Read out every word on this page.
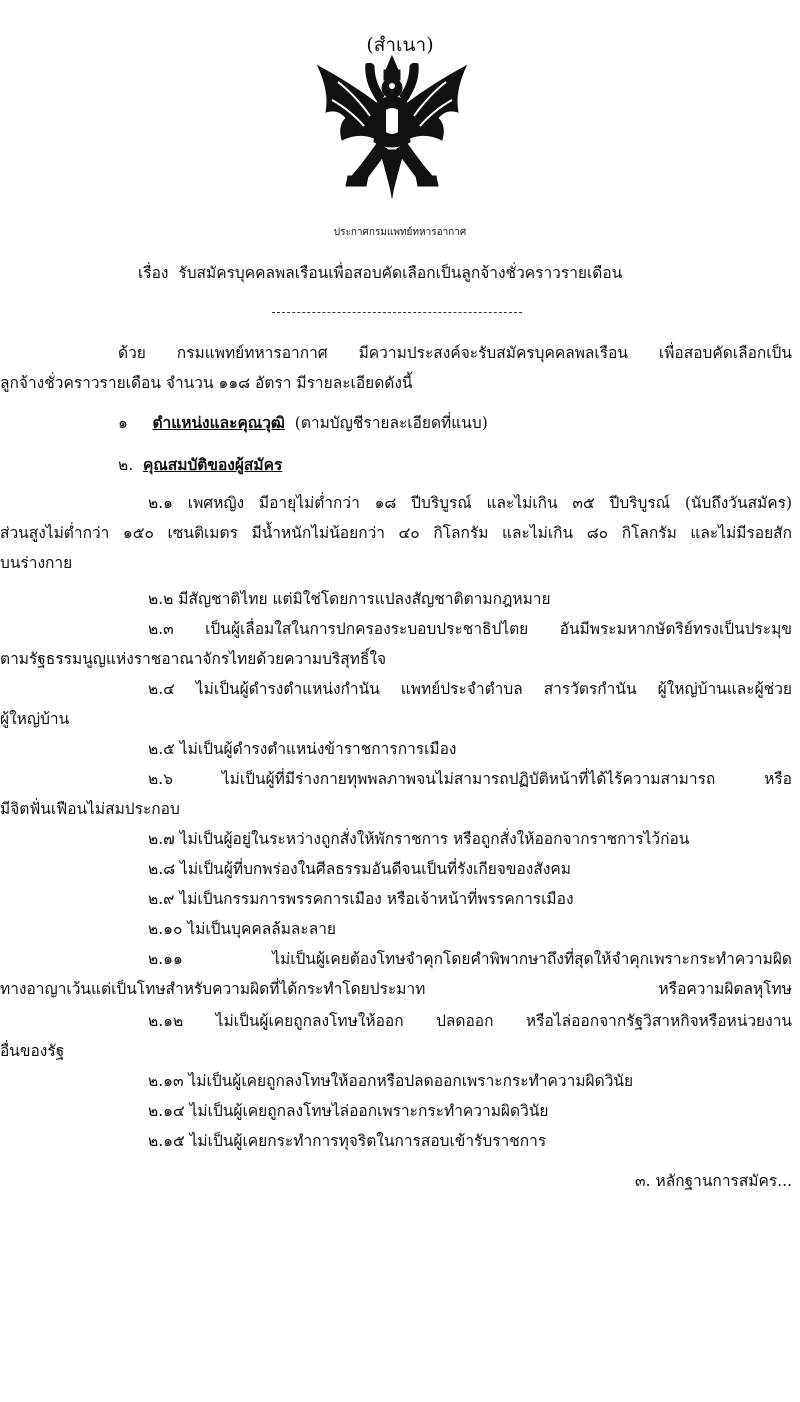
(สำเนา)
ประกาศกรมแพทย์ทหารอากาศ
เรื่อง รับสมัครบุคคลพลเรือนเพื่อสอบคัดเลือกเป็นลูกจ้างชั่วคราวรายเดือน
ด้วย กรมแพทย์ทหารอากาศ มีความประสงค์จะรับสมัครบุคคลพลเรือน เพื่อสอบคัดเลือกเป็น
ลูกจ้างชั่วคราวรายเดือน จำนวน ๑๑๘ อัตรา มีรายละเอียดดังนี้
๑ ตำแหน่งและคุณวุฒิ (ตามบัญชีรายละเอียดที่แนบ)
๒. คุณสมบัติของผู้สมัคร
๒.๑ เพศหญิง มีอายุไม่ต่ำกว่า ๑๘ ปีบริบูรณ์ และไม่เกิน ๓๕ ปีบริบูรณ์ (นับถึงวันสมัคร)
ส่วนสูงไม่ต่ำกว่า ๑๕๐ เซนติเมตร มีน้ำหนักไม่น้อยกว่า ๔๐ กิโลกรัม และไม่เกิน ๘๐ กิโลกรัม และไม่มีรอยสัก
บนร่างกาย
๒.๒ มีสัญชาติไทย แต่มิใช่โดยการแปลงสัญชาติตามกฎหมาย
๒.๓ เป็นผู้เลื่อมใสในการปกครองระบอบประชาธิปไตย อันมีพระมหากษัตริย์ทรงเป็นประมุข
ตามรัฐธรรมนูญแห่งราชอาณาจักรไทยด้วยความบริสุทธิ์ใจ
๒.๔ ไม่เป็นผู้ดำรงตำแหน่งกำนัน แพทย์ประจำตำบล สารวัตรกำนัน ผู้ใหญ่บ้านและผู้ช่วย
ผู้ใหญ่บ้าน
๒.๕ ไม่เป็นผู้ดำรงตำแหน่งข้าราชการการเมือง
๒.๖ ไม่เป็นผู้ที่มีร่างกายทุพพลภาพจนไม่สามารถปฏิบัติหน้าที่ได้ไร้ความสามารถ หรือ
มีจิตฟั่นเฟือนไม่สมประกอบ
๒.๗ ไม่เป็นผู้อยู่ในระหว่างถูกสั่งให้พักราชการ หรือถูกสั่งให้ออกจากราชการไว้ก่อน
๒.๘ ไม่เป็นผู้ที่บกพร่องในศีลธรรมอันดีจนเป็นที่รังเกียจของสังคม
๒.๙ ไม่เป็นกรรมการพรรคการเมือง หรือเจ้าหน้าที่พรรคการเมือง
๒.๑๐ ไม่เป็นบุคคลล้มละลาย
๒.๑๑ ไม่เป็นผู้เคยต้องโทษจำคุกโดยคำพิพากษาถึงที่สุดให้จำคุกเพราะกระทำความผิด
ทางอาญาเว้นแต่เป็นโทษสำหรับความผิดที่ได้กระทำโดยประมาท หรือความผิดลหุโทษ
๒.๑๒ ไม่เป็นผู้เคยถูกลงโทษให้ออก ปลดออก หรือไล่ออกจากรัฐวิสาหกิจหรือหน่วยงาน
อื่นของรัฐ
๒.๑๓ ไม่เป็นผู้เคยถูกลงโทษให้ออกหรือปลดออกเพราะกระทำความผิดวินัย
๒.๑๔ ไม่เป็นผู้เคยถูกลงโทษไล่ออกเพราะกระทำความผิดวินัย
๒.๑๕ ไม่เป็นผู้เคยกระทำการทุจริตในการสอบเข้ารับราชการ
๓. หลักฐานการสมัคร...
